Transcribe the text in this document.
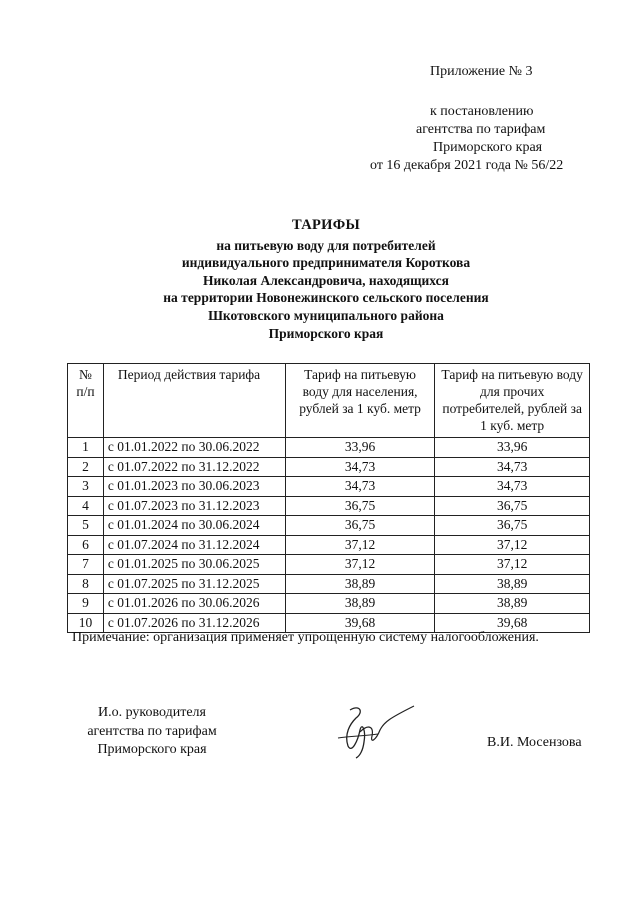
Приложение № 3
к постановлению
агентства по тарифам
Приморского края
от 16 декабря 2021 года № 56/22
ТАРИФЫ
на питьевую воду для потребителей
индивидуального предпринимателя Короткова
Николая Александровича, находящихся
на территории Новонежинского сельского поселения
Шкотовского муниципального района
Приморского края
№ п/п	Период действия тарифа	Тариф на питьевую воду для населения, рублей за 1 куб. метр	Тариф на питьевую воду для прочих потребителей, рублей за 1 куб. метр
1	с 01.01.2022 по 30.06.2022	33,96	33,96
2	с 01.07.2022 по 31.12.2022	34,73	34,73
3	с 01.01.2023 по 30.06.2023	34,73	34,73
4	с 01.07.2023 по 31.12.2023	36,75	36,75
5	с 01.01.2024 по 30.06.2024	36,75	36,75
6	с 01.07.2024 по 31.12.2024	37,12	37,12
7	с 01.01.2025 по 30.06.2025	37,12	37,12
8	с 01.07.2025 по 31.12.2025	38,89	38,89
9	с 01.01.2026 по 30.06.2026	38,89	38,89
10	с 01.07.2026 по 31.12.2026	39,68	39,68
Примечание: организация применяет упрощенную систему налогообложения.
И.о. руководителя
агентства по тарифам
Приморского края	В.И. Мосензова
